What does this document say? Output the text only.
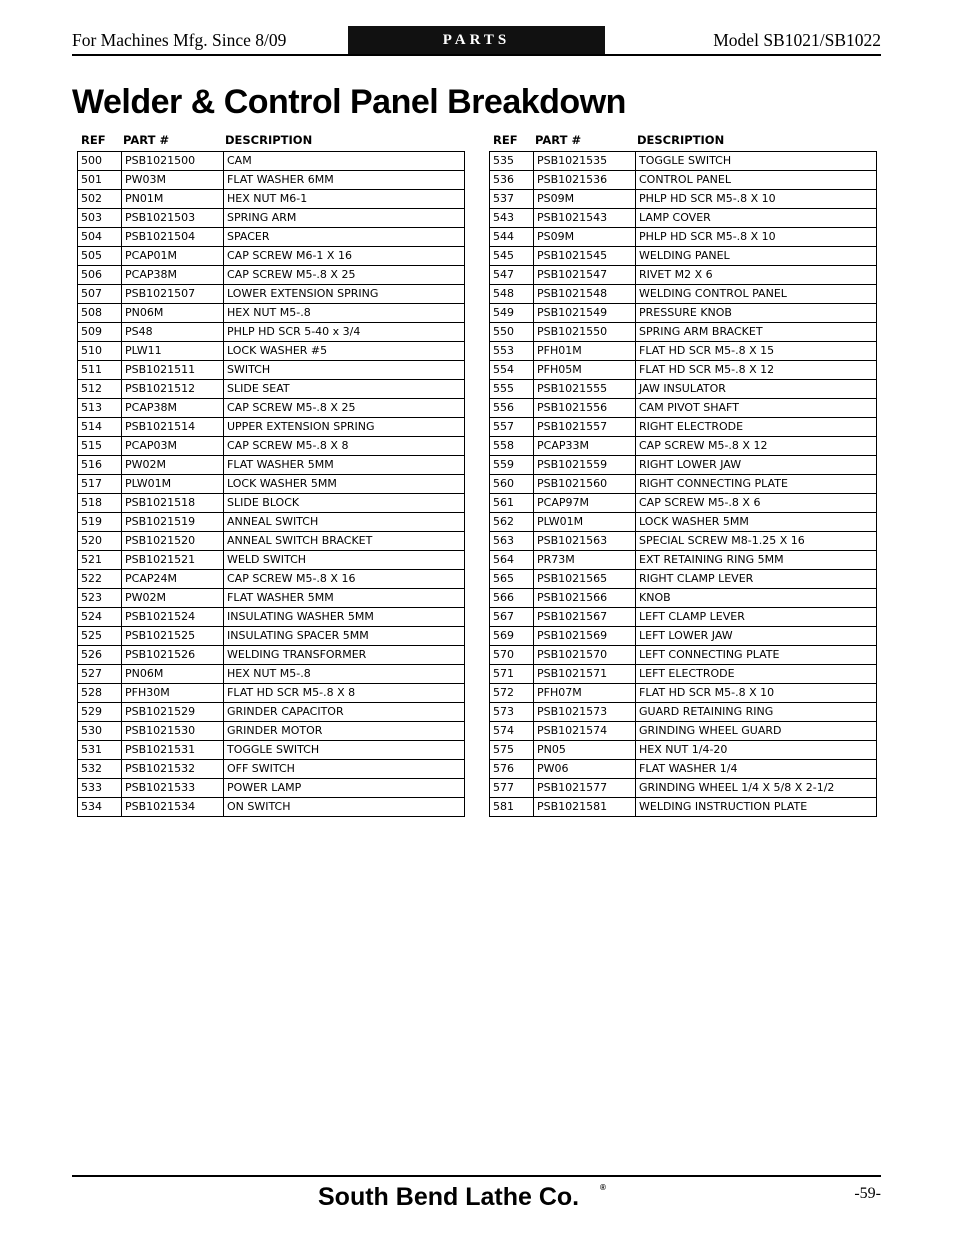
For Machines Mfg. Since 8/09	PARTS	Model SB1021/SB1022
Welder & Control Panel Breakdown
REF PART #	DESCRIPTION
500	PSB1021500	CAM
501	PW03M	FLAT WASHER 6MM
502	PN01M	HEX NUT M6-1
503	PSB1021503	SPRING ARM
504	PSB1021504	SPACER
505	PCAP01M	CAP SCREW M6-1 X 16
506	PCAP38M	CAP SCREW M5-.8 X 25
507	PSB1021507	LOWER EXTENSION SPRING
508	PN06M	HEX NUT M5-.8
509	PS48	PHLP HD SCR 5-40 x 3/4
510	PLW11	LOCK WASHER #5
511	PSB1021511	SWITCH
512	PSB1021512	SLIDE SEAT
513	PCAP38M	CAP SCREW M5-.8 X 25
514	PSB1021514	UPPER EXTENSION SPRING
515	PCAP03M	CAP SCREW M5-.8 X 8
516	PW02M	FLAT WASHER 5MM
517	PLW01M	LOCK WASHER 5MM
518	PSB1021518	SLIDE BLOCK
519	PSB1021519	ANNEAL SWITCH
520	PSB1021520	ANNEAL SWITCH BRACKET
521	PSB1021521	WELD SWITCH
522	PCAP24M	CAP SCREW M5-.8 X 16
523	PW02M	FLAT WASHER 5MM
524	PSB1021524	INSULATING WASHER 5MM
525	PSB1021525	INSULATING SPACER 5MM
526	PSB1021526	WELDING TRANSFORMER
527	PN06M	HEX NUT M5-.8
528	PFH30M	FLAT HD SCR M5-.8 X 8
529	PSB1021529	GRINDER CAPACITOR
530	PSB1021530	GRINDER MOTOR
531	PSB1021531	TOGGLE SWITCH
532	PSB1021532	OFF SWITCH
533	PSB1021533	POWER LAMP
534	PSB1021534	ON SWITCH
REF PART #	DESCRIPTION
535	PSB1021535	TOGGLE SWITCH
536	PSB1021536	CONTROL PANEL
537	PS09M	PHLP HD SCR M5-.8 X 10
543	PSB1021543	LAMP COVER
544	PS09M	PHLP HD SCR M5-.8 X 10
545	PSB1021545	WELDING PANEL
547	PSB1021547	RIVET M2 X 6
548	PSB1021548	WELDING CONTROL PANEL
549	PSB1021549	PRESSURE KNOB
550	PSB1021550	SPRING ARM BRACKET
553	PFH01M	FLAT HD SCR M5-.8 X 15
554	PFH05M	FLAT HD SCR M5-.8 X 12
555	PSB1021555	JAW INSULATOR
556	PSB1021556	CAM PIVOT SHAFT
557	PSB1021557	RIGHT ELECTRODE
558	PCAP33M	CAP SCREW M5-.8 X 12
559	PSB1021559	RIGHT LOWER JAW
560	PSB1021560	RIGHT CONNECTING PLATE
561	PCAP97M	CAP SCREW M5-.8 X 6
562	PLW01M	LOCK WASHER 5MM
563	PSB1021563	SPECIAL SCREW M8-1.25 X 16
564	PR73M	EXT RETAINING RING 5MM
565	PSB1021565	RIGHT CLAMP LEVER
566	PSB1021566	KNOB
567	PSB1021567	LEFT CLAMP LEVER
569	PSB1021569	LEFT LOWER JAW
570	PSB1021570	LEFT CONNECTING PLATE
571	PSB1021571	LEFT ELECTRODE
572	PFH07M	FLAT HD SCR M5-.8 X 10
573	PSB1021573	GUARD RETAINING RING
574	PSB1021574	GRINDING WHEEL GUARD
575	PN05	HEX NUT 1/4-20
576	PW06	FLAT WASHER 1/4
577	PSB1021577	GRINDING WHEEL 1/4 X 5/8 X 2-1/2
581	PSB1021581	WELDING INSTRUCTION PLATE
South Bend Lathe Co.	®	-59-
